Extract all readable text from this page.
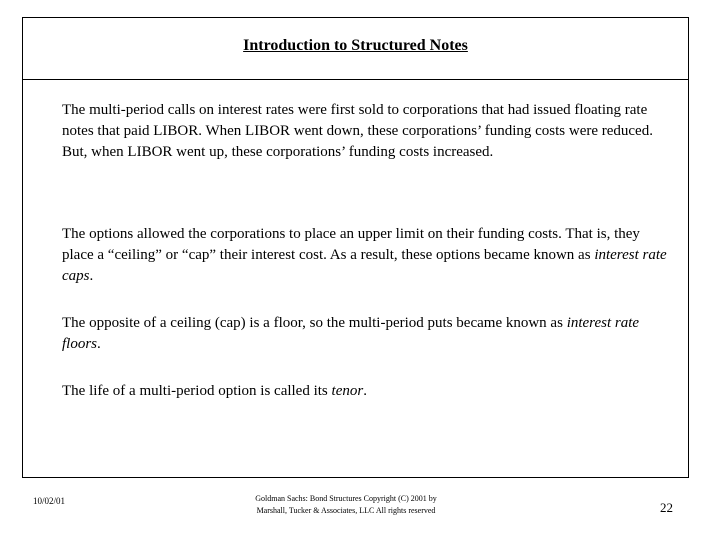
Introduction to Structured Notes

The multi-period calls on interest rates were first sold to corporations that had issued floating rate notes that paid LIBOR. When LIBOR went down, these corporations’ funding costs were reduced. But, when LIBOR went up, these corporations’ funding costs increased.

The options allowed the corporations to place an upper limit on their funding costs. That is, they place a “ceiling” or “cap” their interest cost. As a result, these options became known as interest rate caps.

The opposite of a ceiling (cap) is a floor, so the multi-period puts became known as interest rate floors.

The life of a multi-period option is called its tenor.

10/02/01	Goldman Sachs: Bond Structures Copyright (C) 2001 by Marshall, Tucker & Associates, LLC All rights reserved	22
